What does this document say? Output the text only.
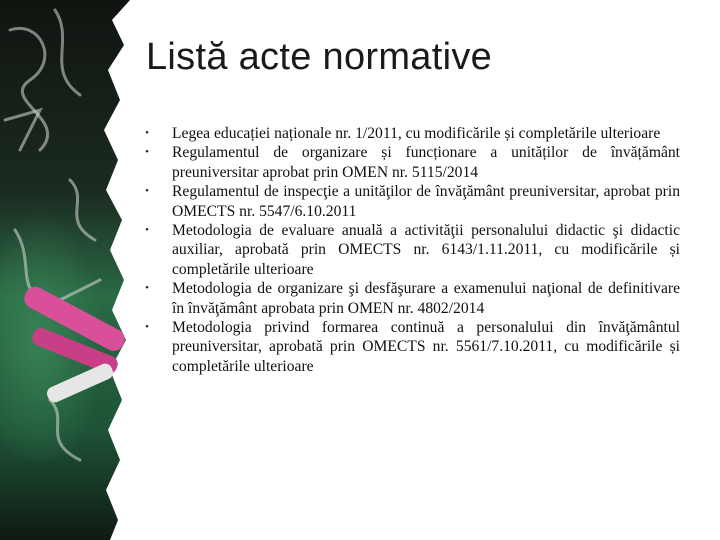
Listă acte normative
•	Legea educației naționale nr. 1/2011, cu modificările și completările ulterioare
•	Regulamentul de organizare și funcționare a unităților de învățământ preuniversitar aprobat prin OMEN nr. 5115/2014
•	Regulamentul de inspecţie a unităţilor de învăţământ preuniversitar, aprobat prin OMECTS nr. 5547/6.10.2011
•	Metodologia de evaluare anuală a activităţii personalului didactic şi didactic auxiliar, aprobată prin OMECTS nr. 6143/1.11.2011, cu modificările și completările ulterioare
•	Metodologia de organizare şi desfăşurare a examenului naţional de definitivare în învăţământ aprobata prin OMEN nr. 4802/2014
•	Metodologia privind formarea continuă a personalului din învăţământul preuniversitar, aprobată prin OMECTS nr. 5561/7.10.2011, cu modificările și completările ulterioare
